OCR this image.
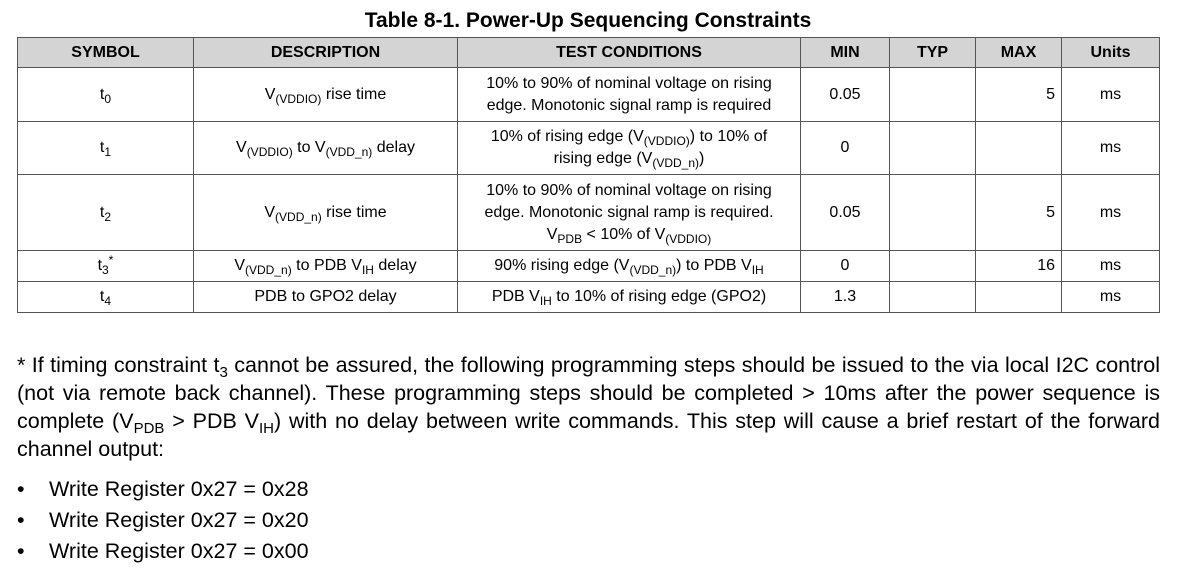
Table 8-1. Power-Up Sequencing Constraints
SYMBOL	DESCRIPTION	TEST CONDITIONS	MIN	TYP	MAX	Units
$t_0$	$V_{(VDDIO)}$ rise time	10% to 90% of nominal voltage on rising
edge. Monotonic signal ramp is required	0.05		5	ms
$t_1$	$V_{(VDDIO)}$ to $V_{(VDD\_n)}$ delay	10% of rising edge $(V_{(VDDIO)})$ to 10% of
rising edge $(V_{(VDD\_n)})$	0			ms
$t_2$	$V_{(VDD\_n)}$ rise time	10% to 90% of nominal voltage on rising
edge. Monotonic signal ramp is required.
$V_{PDB} < 10\%$ of $V_{(VDDIO)}$	0.05		5	ms
$t_3^*$	$V_{(VDD\_n)}$ to PDB $V_{IH}$ delay	90% rising edge $(V_{(VDD\_n)})$ to PDB $V_{IH}$	0		16	ms
$t_4$	PDB to GPO2 delay	PDB $V_{IH}$ to 10% of rising edge (GPO2)	1.3			ms
* If timing constraint $t_3$ cannot be assured, the following programming steps should be issued to the via local I2C control (not via remote back channel). These programming steps should be completed > 10ms after the power sequence is complete ($V_{PDB}$ > PDB $V_{IH}$) with no delay between write commands. This step will cause a brief restart of the forward channel output:
•	Write Register 0x27 = 0x28
•	Write Register 0x27 = 0x20
•	Write Register 0x27 = 0x00
